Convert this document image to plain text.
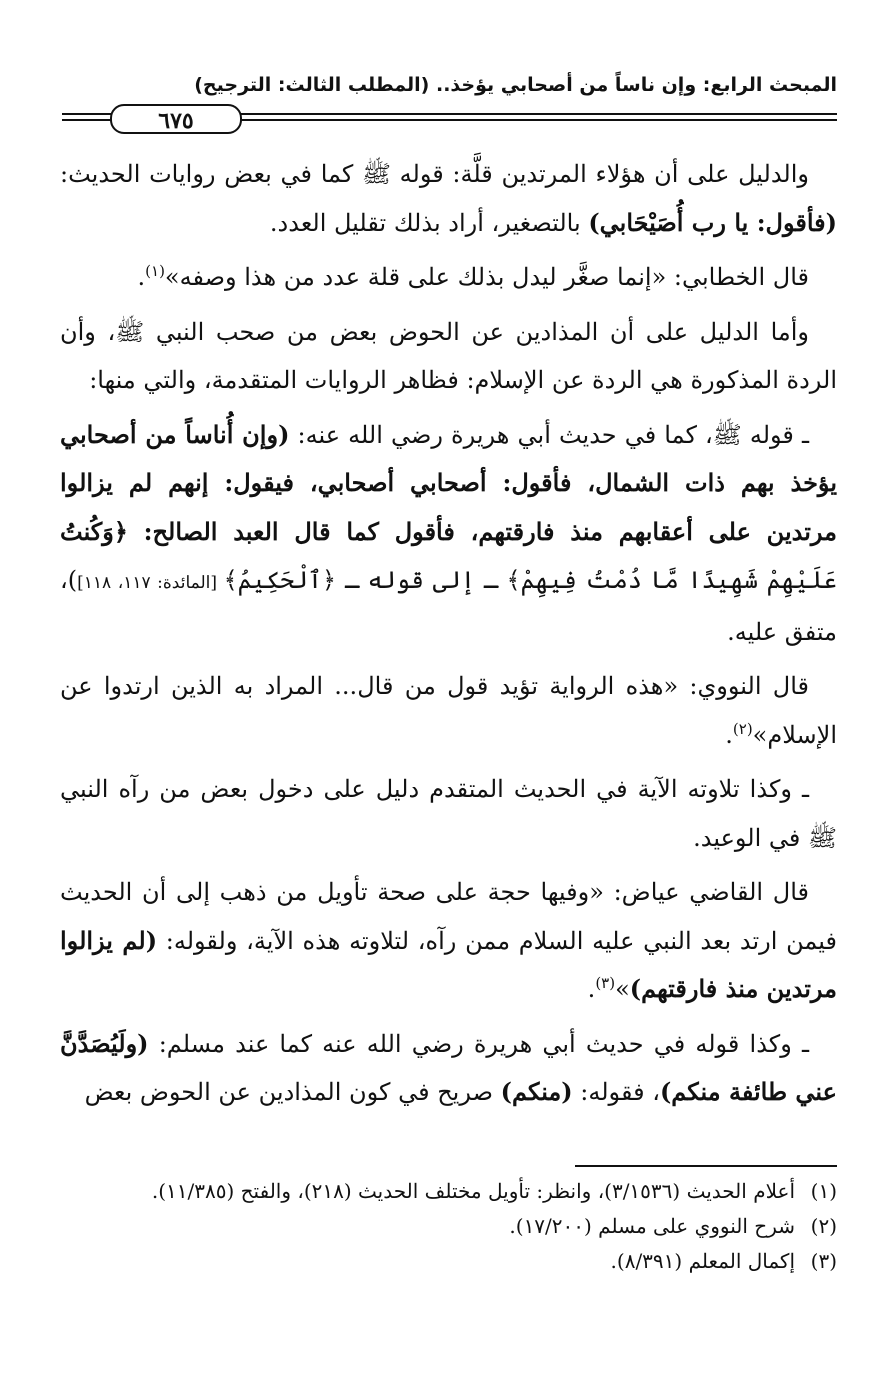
المبحث الرابع: وإن ناساً من أصحابي يؤخذ.. (المطلب الثالث: الترجيح)
٦٧٥

والدليل على أن هؤلاء المرتدين قلَّة: قوله ﷺ كما في بعض روايات الحديث: (فأقول: يا رب أُصَيْحَابي) بالتصغير، أراد بذلك تقليل العدد.

قال الخطابي: «إنما صغَّر ليدل بذلك على قلة عدد من هذا وصفه»$^{(١)}$.

وأما الدليل على أن المذادين عن الحوض بعض من صحب النبي ﷺ، وأن الردة المذكورة هي الردة عن الإسلام: فظاهر الروايات المتقدمة، والتي منها:

ـ قوله ﷺ، كما في حديث أبي هريرة رضي الله عنه: (وإن أُناساً من أصحابي يؤخذ بهم ذات الشمال، فأقول: أصحابي أصحابي، فيقول: إنهم لم يزالوا مرتدين على أعقابهم منذ فارقتهم، فأقول كما قال العبد الصالح: ﴿وَكُنتُ عَلَيْهِمْ شَهِيدًا مَّا دُمْتُ فِيهِمْ﴾ ـ إلى قوله ـ ﴿ٱلْحَكِيمُ﴾ [المائدة: ١١٧، ١١٨])، متفق عليه.

قال النووي: «هذه الرواية تؤيد قول من قال... المراد به الذين ارتدوا عن الإسلام»$^{(٢)}$.

ـ وكذا تلاوته الآية في الحديث المتقدم دليل على دخول بعض من رآه النبي ﷺ في الوعيد.

قال القاضي عياض: «وفيها حجة على صحة تأويل من ذهب إلى أن الحديث فيمن ارتد بعد النبي عليه السلام ممن رآه، لتلاوته هذه الآية، ولقوله: (لم يزالوا مرتدين منذ فارقتهم)»$^{(٣)}$.

ـ وكذا قوله في حديث أبي هريرة رضي الله عنه كما عند مسلم: (ولَيُصَدَّنَّ عني طائفة منكم)، فقوله: (منكم) صريح في كون المذادين عن الحوض بعض

(١)
أعلام الحديث (٣/١٥٣٦)، وانظر: تأويل مختلف الحديث (٢١٨)، والفتح (١١/٣٨٥).
(٢)
شرح النووي على مسلم (١٧/٢٠٠).
(٣)
إكمال المعلم (٨/٣٩١).
